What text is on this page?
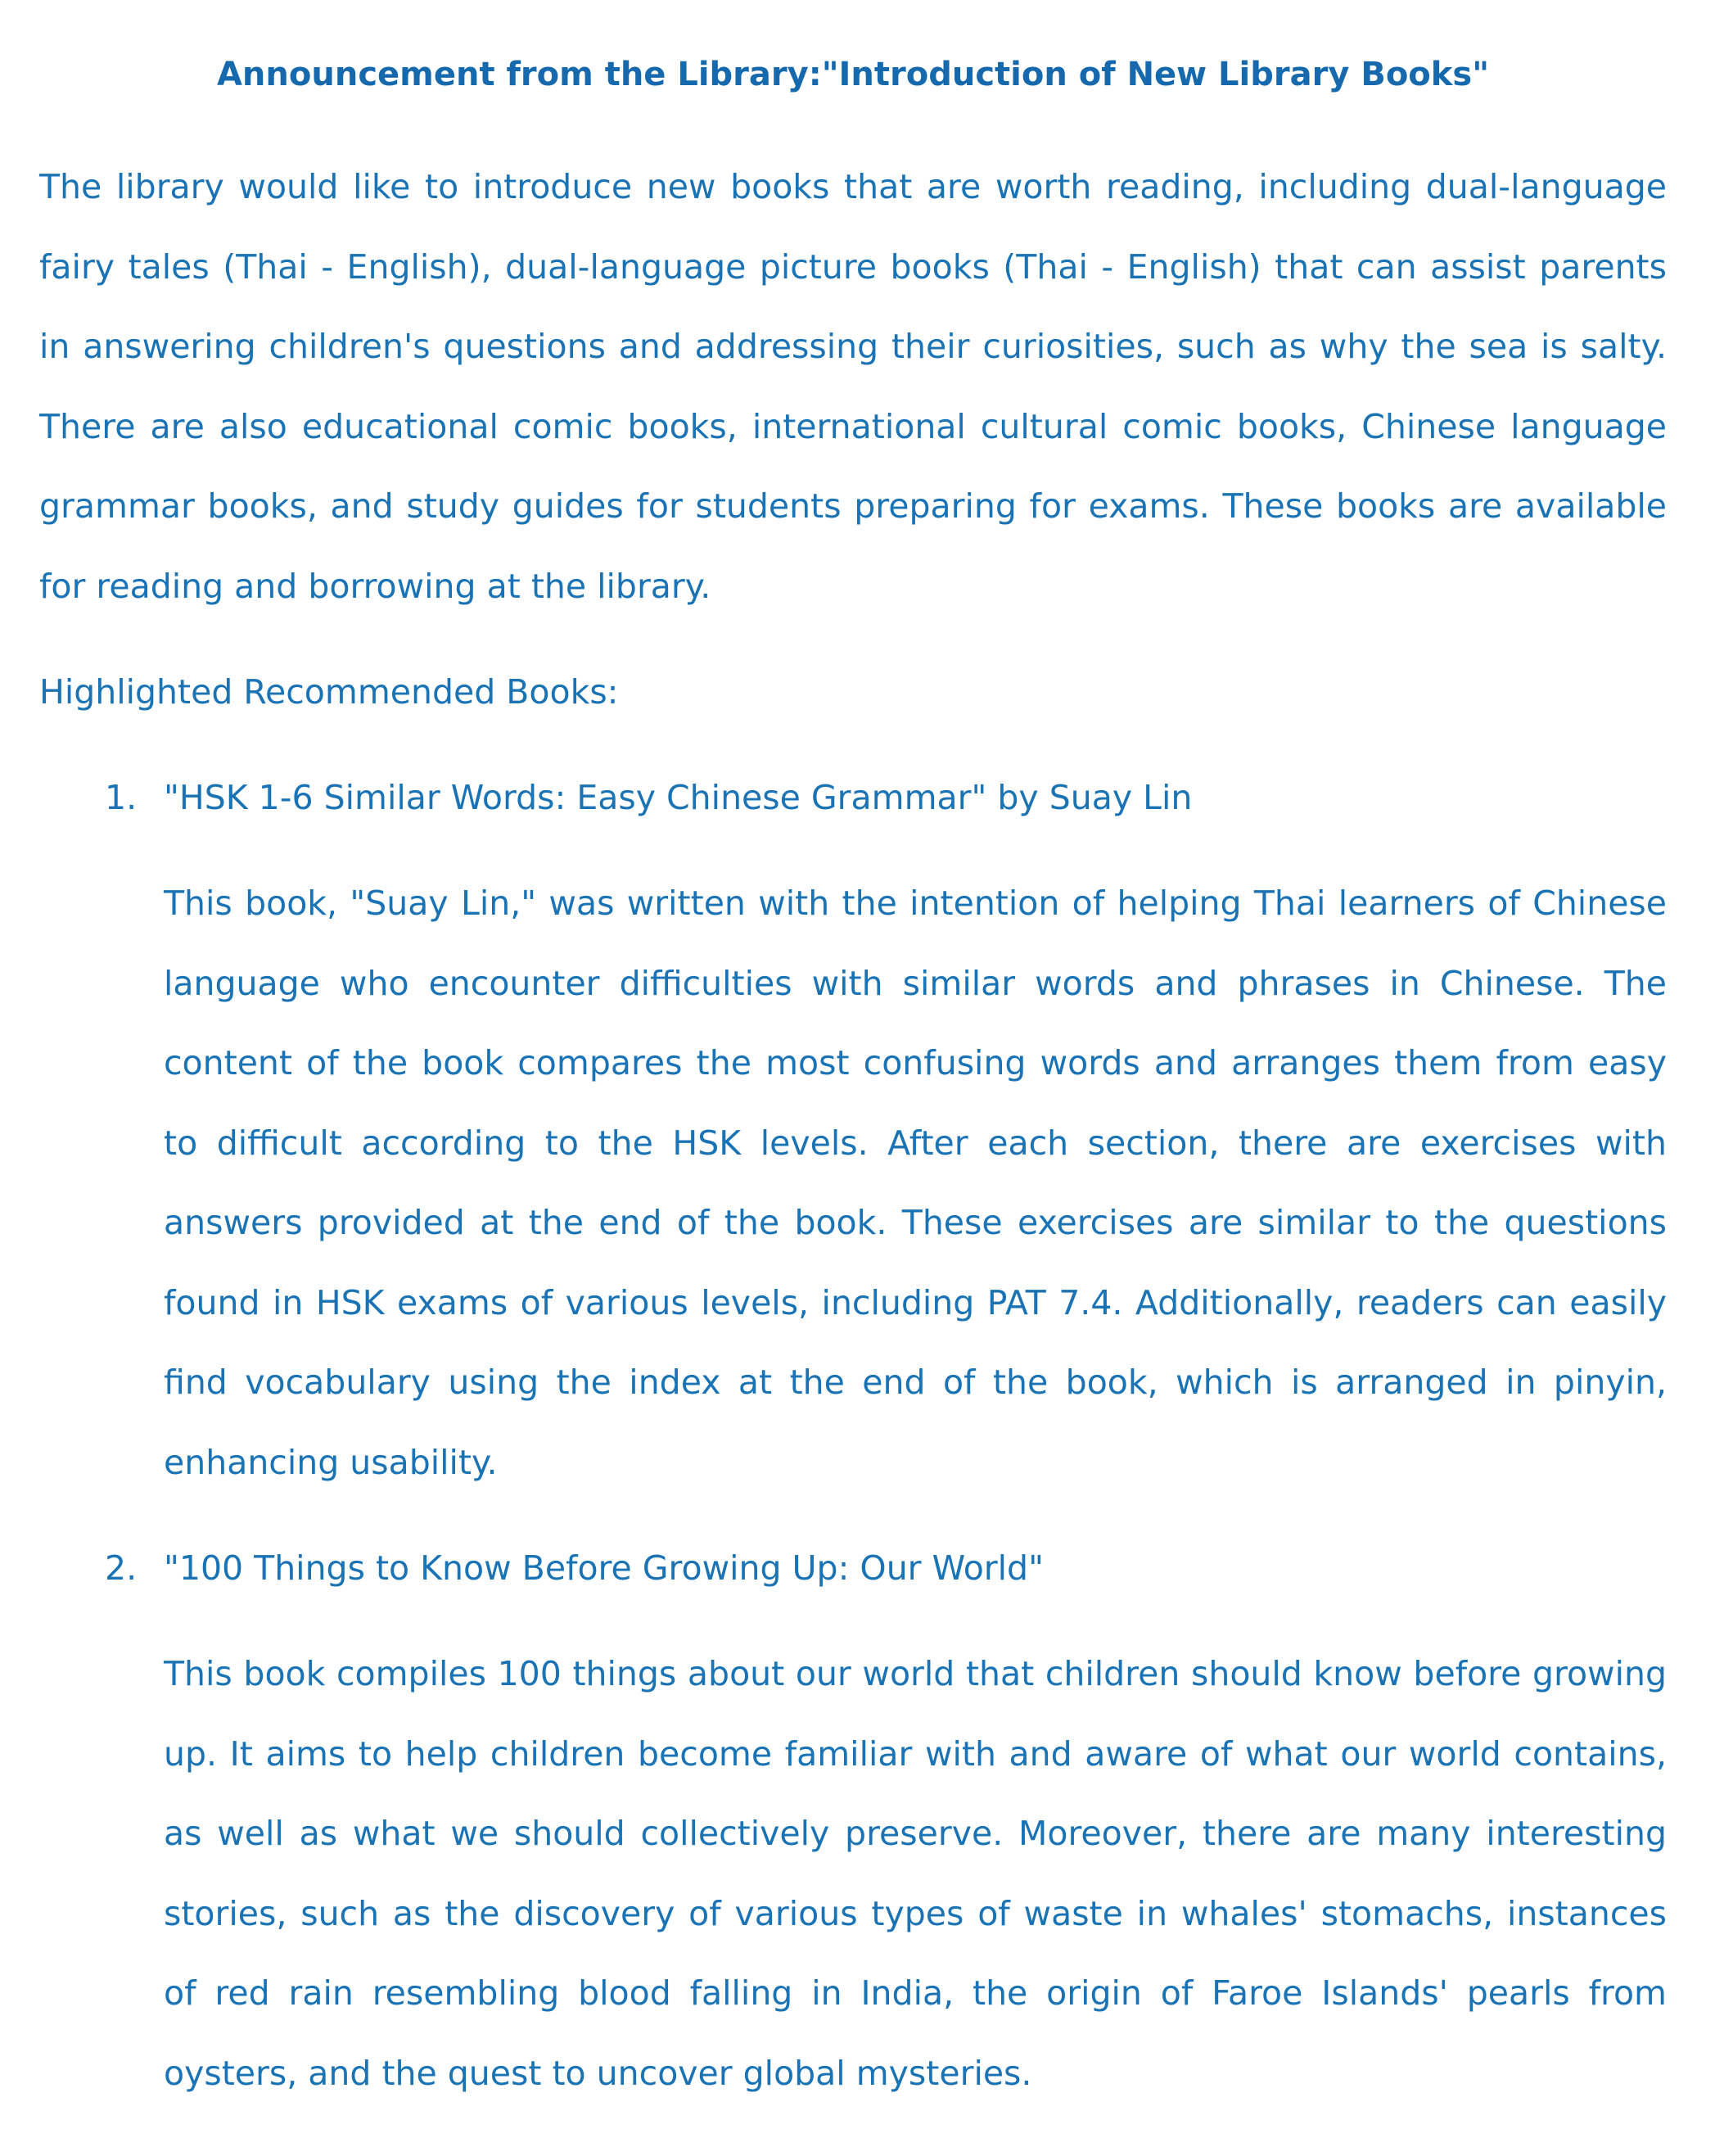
Announcement from the Library:"Introduction of New Library Books"

The library would like to introduce new books that are worth reading, including dual-language fairy tales (Thai - English), dual-language picture books (Thai - English) that can assist parents in answering children's questions and addressing their curiosities, such as why the sea is salty. There are also educational comic books, international cultural comic books, Chinese language grammar books, and study guides for students preparing for exams. These books are available for reading and borrowing at the library.

Highlighted Recommended Books:

1. "HSK 1-6 Similar Words: Easy Chinese Grammar" by Suay Lin

This book, "Suay Lin," was written with the intention of helping Thai learners of Chinese language who encounter difficulties with similar words and phrases in Chinese. The content of the book compares the most confusing words and arranges them from easy to difficult according to the HSK levels. After each section, there are exercises with answers provided at the end of the book. These exercises are similar to the questions found in HSK exams of various levels, including PAT 7.4. Additionally, readers can easily find vocabulary using the index at the end of the book, which is arranged in pinyin, enhancing usability.

2. "100 Things to Know Before Growing Up: Our World"

This book compiles 100 things about our world that children should know before growing up. It aims to help children become familiar with and aware of what our world contains, as well as what we should collectively preserve. Moreover, there are many interesting stories, such as the discovery of various types of waste in whales' stomachs, instances of red rain resembling blood falling in India, the origin of Faroe Islands' pearls from oysters, and the quest to uncover global mysteries.
